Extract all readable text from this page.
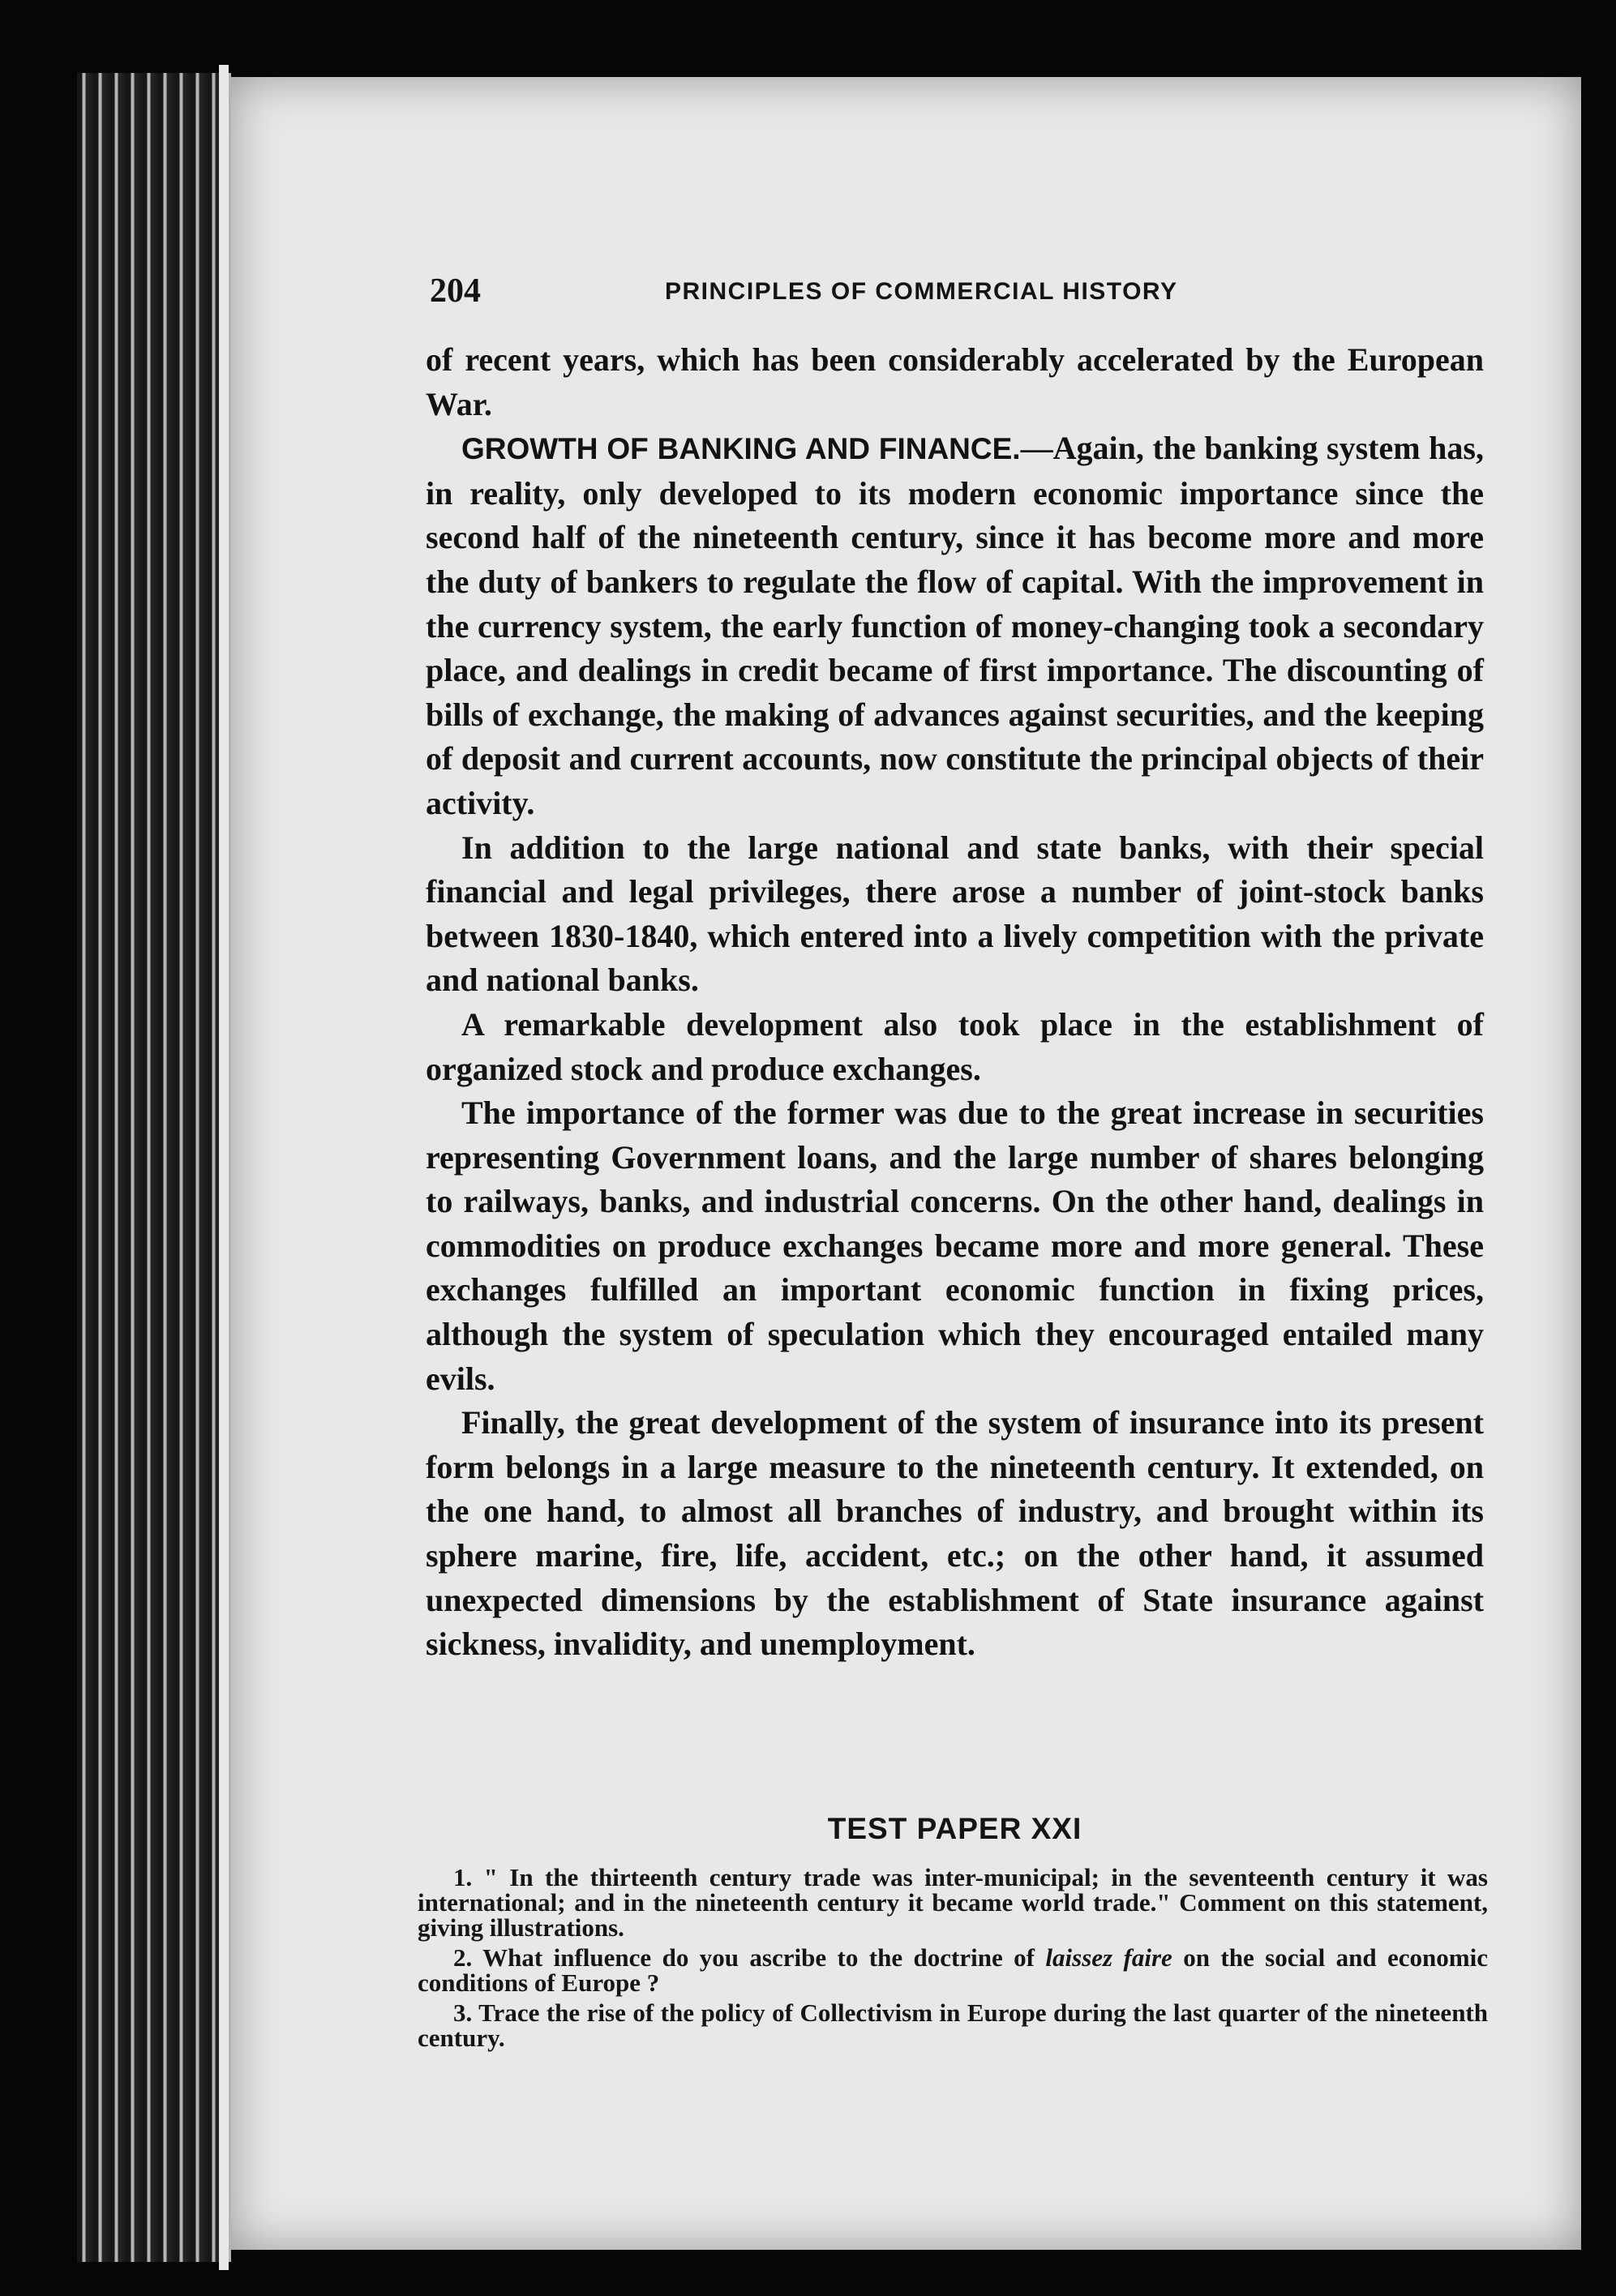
204	PRINCIPLES OF COMMERCIAL HISTORY

of recent years, which has been considerably accelerated by the European War.

GROWTH OF BANKING AND FINANCE.—Again, the banking system has, in reality, only developed to its modern economic importance since the second half of the nineteenth century, since it has become more and more the duty of bankers to regulate the flow of capital. With the improvement in the currency system, the early function of money-changing took a secondary place, and dealings in credit became of first importance. The discounting of bills of exchange, the making of advances against securities, and the keeping of deposit and current accounts, now constitute the principal objects of their activity.

In addition to the large national and state banks, with their special financial and legal privileges, there arose a number of joint-stock banks between 1830-1840, which entered into a lively competition with the private and national banks.

A remarkable development also took place in the establishment of organized stock and produce exchanges.

The importance of the former was due to the great increase in securities representing Government loans, and the large number of shares belonging to railways, banks, and industrial concerns. On the other hand, dealings in commodities on produce exchanges became more and more general. These exchanges fulfilled an important economic function in fixing prices, although the system of speculation which they encouraged entailed many evils.

Finally, the great development of the system of insurance into its present form belongs in a large measure to the nineteenth century. It extended, on the one hand, to almost all branches of industry, and brought within its sphere marine, fire, life, accident, etc.; on the other hand, it assumed unexpected dimensions by the establishment of State insurance against sickness, invalidity, and unemployment.

TEST PAPER XXI

1. " In the thirteenth century trade was inter-municipal; in the seventeenth century it was international; and in the nineteenth century it became world trade." Comment on this statement, giving illustrations.

2. What influence do you ascribe to the doctrine of laissez faire on the social and economic conditions of Europe ?

3. Trace the rise of the policy of Collectivism in Europe during the last quarter of the nineteenth century.
